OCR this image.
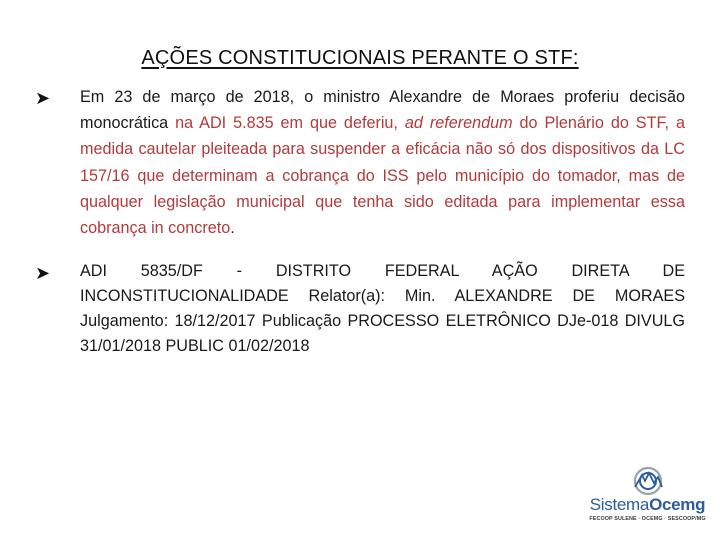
AÇÕES CONSTITUCIONAIS PERANTE O STF:
➤ Em 23 de março de 2018, o ministro Alexandre de Moraes proferiu decisão monocrática na ADI 5.835 em que deferiu, ad referendum do Plenário do STF, a medida cautelar pleiteada para suspender a eficácia não só dos dispositivos da LC 157/16 que determinam a cobrança do ISS pelo município do tomador, mas de qualquer legislação municipal que tenha sido editada para implementar essa cobrança in concreto.
➤ ADI 5835/DF - DISTRITO FEDERAL AÇÃO DIRETA DE INCONSTITUCIONALIDADE Relator(a): Min. ALEXANDRE DE MORAES Julgamento: 18/12/2017 Publicação PROCESSO ELETRÔNICO DJe-018 DIVULG 31/01/2018 PUBLIC 01/02/2018
SistemaOcemg
FECOOP SULENE · OCEMG · SESCOOP/MG
